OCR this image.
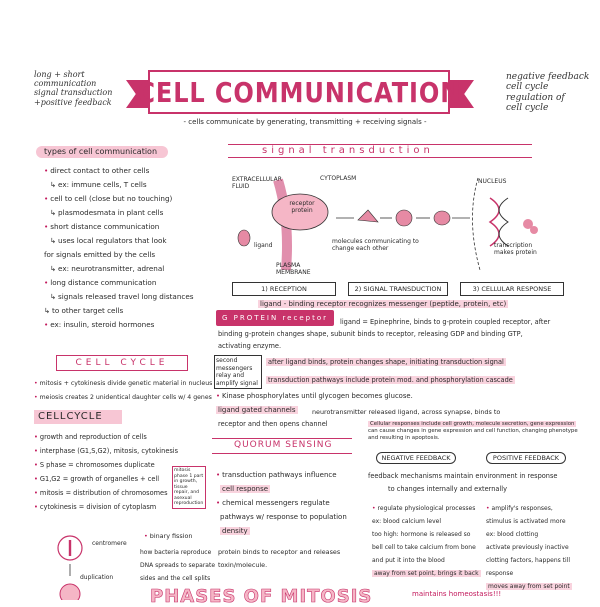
long + short
communication
signal transduction
+positive feedback
negative feedback
cell cycle
regulation of
cell cycle
CELL COMMUNICATION
- cells communicate by generating, transmitting + receiving signals -
types of cell communication
• direct contact to other cells
↳ ex: immune cells, T cells
• cell to cell (close but no touching)
↳ plasmodesmata in plant cells
• short distance communication
↳ uses local regulators that look
for signals emitted by the cells
↳ ex: neurotransmitter, adrenal
• long distance communication
↳ signals released travel long distances
↳ to other target cells
• ex: insulin, steroid hormones
signal transduction
EXTRACELLULAR FLUID
CYTOPLASM	NUCLEUS
receptor protein
ligand
PLASMA MEMBRANE
molecules communicating to change each other	transcription makes protein
1) RECEPTION	2) SIGNAL TRANSDUCTION	3) CELLULAR RESPONSE
ligand - binding receptor recognizes messenger (peptide, protein, etc)
G PROTEIN receptor	ligand = Epinephrine, binds to g-protein coupled receptor, after
binding g-protein changes shape, subunit binds to receptor, releasing GDP and binding GTP,
activating enzyme.
second messengers relay and amplify signal
after ligand binds, protein changes shape, initiating transduction signal
transduction pathways include protein mod. and phosphorylation cascade
• Kinase phosphorylates until glycogen becomes glucose.
ligand gated channels	neurotransmitter released ligand, across synapse, binds to
receptor and then opens channel	Cellular responses include cell growth, molecule secretion, gene expression can cause changes in gene expression and cell function, changing phenotype and resulting in apoptosis.
CELL CYCLE
• mitosis + cytokinesis divide genetic material in nucleus
• meiosis creates 2 unidentical daughter cells w/ 4 genes
CELLCYCLE
• growth and reproduction of cells
• interphase (G1,S,G2), mitosis, cytokinesis
• S phase = chromosomes duplicate
• G1,G2 = growth of organelles + cell
• mitosis = distribution of chromosomes
• cytokinesis = division of cytoplasm
mitosis phase 1 part in growth, tissue repair, and asexual reproduction
centromere
duplication
• binary fission
how bacteria reproduce
DNA spreads to separate
sides and the cell splits
PHASES OF MITOSIS
QUORUM SENSING
• transduction pathways influence
cell response
• chemical messengers regulate
pathways w/ response to population
density
protein binds to receptor and releases
toxin/molecule.
NEGATIVE FEEDBACK	POSITIVE FEEDBACK
feedback mechanisms maintain environment in response
to changes internally and externally
• regulate physiological processes
ex: blood calcium level
too high: hormone is released so
bell cell to take calcium from bone
and put it into the blood
away from set point, brings it back
• amplify's responses,
stimulus is activated more
ex: blood clotting
activate previously inactive
clotting factors, happens till response
moves away from set point
maintains homeostasis!!!
